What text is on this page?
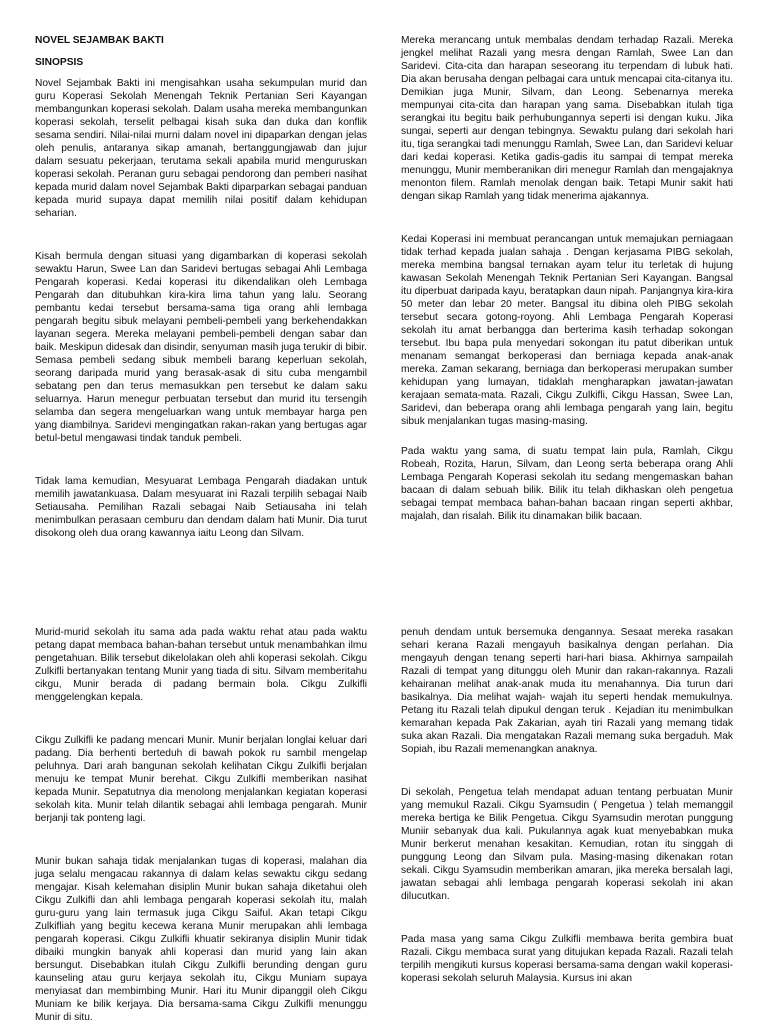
NOVEL SEJAMBAK BAKTI
SINOPSIS

Novel Sejambak Bakti ini mengisahkan usaha sekumpulan murid dan guru Koperasi Sekolah Menengah Teknik Pertanian Seri Kayangan membangunkan koperasi sekolah. Dalam usaha mereka membangunkan koperasi sekolah, terselit pelbagai kisah suka dan duka dan konflik sesama sendiri. Nilai-nilai murni dalam novel ini dipaparkan dengan jelas oleh penulis, antaranya sikap amanah, bertanggungjawab dan jujur dalam sesuatu pekerjaan, terutama sekali apabila murid menguruskan koperasi sekolah. Peranan guru sebagai pendorong dan pemberi nasihat kepada murid dalam novel Sejambak Bakti diparparkan sebagai panduan kepada murid supaya dapat memilih nilai positif dalam kehidupan seharian.

Kisah bermula dengan situasi yang digambarkan di koperasi sekolah sewaktu Harun, Swee Lan dan Saridevi bertugas sebagai Ahli Lembaga Pengarah koperasi. Kedai koperasi itu dikendalikan oleh Lembaga Pengarah dan ditubuhkan kira-kira lima tahun yang lalu. Seorang pembantu kedai tersebut bersama-sama tiga orang ahli lembaga pengarah begitu sibuk melayani pembeli-pembeli yang berkehendakkan layanan segera. Mereka melayani pembeli-pembeli dengan sabar dan baik. Meskipun didesak dan disindir, senyuman masih juga terukir di bibir. Semasa pembeli sedang sibuk membeli barang keperluan sekolah, seorang daripada murid yang berasak-asak di situ cuba mengambil sebatang pen dan terus memasukkan pen tersebut ke dalam saku seluarnya. Harun menegur perbuatan tersebut dan murid itu tersengih selamba dan segera mengeluarkan wang untuk membayar harga pen yang diambilnya. Saridevi mengingatkan rakan-rakan yang bertugas agar betul-betul mengawasi tindak tanduk pembeli.

Tidak lama kemudian, Mesyuarat Lembaga Pengarah diadakan untuk memilih jawatankuasa. Dalam mesyuarat ini Razali terpilih sebagai Naib Setiausaha. Pemilihan Razali sebagai Naib Setiausaha ini telah menimbulkan perasaan cemburu dan dendam dalam hati Munir. Dia turut disokong oleh dua orang kawannya iaitu Leong dan Silvam.

Mereka merancang untuk membalas dendam terhadap Razali. Mereka jengkel melihat Razali yang mesra dengan Ramlah, Swee Lan dan Saridevi. Cita-cita dan harapan seseorang itu terpendam di lubuk hati. Dia akan berusaha dengan pelbagai cara untuk mencapai cita-citanya itu. Demikian juga Munir, Silvam, dan Leong. Sebenarnya mereka mempunyai cita-cita dan harapan yang sama. Disebabkan itulah tiga serangkai itu begitu baik perhubungannya seperti isi dengan kuku. Jika sungai, seperti aur dengan tebingnya. Sewaktu pulang dari sekolah hari itu, tiga serangkai tadi menunggu Ramlah, Swee Lan, dan Saridevi keluar dari kedai koperasi. Ketika gadis-gadis itu sampai di tempat mereka menunggu, Munir memberanikan diri menegur Ramlah dan mengajaknya menonton filem. Ramlah menolak dengan baik. Tetapi Munir sakit hati dengan sikap Ramlah yang tidak menerima ajakannya.

Kedai Koperasi ini membuat perancangan untuk memajukan perniagaan tidak terhad kepada jualan sahaja . Dengan kerjasama PIBG sekolah, mereka membina bangsal ternakan ayam telur itu terletak di hujung kawasan Sekolah Menengah Teknik Pertanian Seri Kayangan. Bangsal itu diperbuat daripada kayu, beratapkan daun nipah. Panjangnya kira-kira 50 meter dan lebar 20 meter. Bangsal itu dibina oleh PIBG sekolah tersebut secara gotong-royong. Ahli Lembaga Pengarah Koperasi sekolah itu amat berbangga dan berterima kasih terhadap sokongan tersebut. Ibu bapa pula menyedari sokongan itu patut diberikan untuk menanam semangat berkoperasi dan berniaga kepada anak-anak mereka. Zaman sekarang, berniaga dan berkoperasi merupakan sumber kehidupan yang lumayan, tidaklah mengharapkan jawatan-jawatan kerajaan semata-mata. Razali, Cikgu Zulkifli, Cikgu Hassan, Swee Lan, Saridevi, dan beberapa orang ahli lembaga pengarah yang lain, begitu sibuk menjalankan tugas masing-masing.

Pada waktu yang sama, di suatu tempat lain pula, Ramlah, Cikgu Robeah, Rozita, Harun, Silvam, dan Leong serta beberapa orang Ahli Lembaga Pengarah Koperasi sekolah itu sedang mengemaskan bahan bacaan di dalam sebuah bilik. Bilik itu telah dikhaskan oleh pengetua sebagai tempat membaca bahan-bahan bacaan ringan seperti akhbar, majalah, dan risalah. Bilik itu dinamakan bilik bacaan.

Murid-murid sekolah itu sama ada pada waktu rehat atau pada waktu petang dapat membaca bahan-bahan tersebut untuk menambahkan ilmu pengetahuan. Bilik tersebut dikelolakan oleh ahli koperasi sekolah. Cikgu Zulkifli bertanyakan tentang Munir yang tiada di situ. Silvam memberitahu cikgu, Munir berada di padang bermain bola. Cikgu Zulkifli menggelengkan kepala.

Cikgu Zulkifli ke padang mencari Munir. Munir berjalan longlai keluar dari padang. Dia berhenti berteduh di bawah pokok ru sambil mengelap peluhnya. Dari arah bangunan sekolah kelihatan Cikgu Zulkifli berjalan menuju ke tempat Munir berehat. Cikgu Zulkifli memberikan nasihat kepada Munir. Sepatutnya dia menolong menjalankan kegiatan koperasi sekolah kita. Munir telah dilantik sebagai ahli lembaga pengarah. Munir berjanji tak ponteng lagi.

Munir bukan sahaja tidak menjalankan tugas di koperasi, malahan dia juga selalu mengacau rakannya di dalam kelas sewaktu cikgu sedang mengajar. Kisah kelemahan disiplin Munir bukan sahaja diketahui oleh Cikgu Zulkifli dan ahli lembaga pengarah koperasi sekolah itu, malah guru-guru yang lain termasuk juga Cikgu Saiful. Akan tetapi Cikgu Zulkifliah yang begitu kecewa kerana Munir merupakan ahli lembaga pengarah koperasi. Cikgu Zulkifli khuatir sekiranya disiplin Munir tidak dibaiki mungkin banyak ahli koperasi dan murid yang lain akan bersungut. Disebabkan itulah Cikgu Zulkifli berunding dengan guru kaunseling atau guru kerjaya sekolah itu, Cikgu Muniam supaya menyiasat dan membimbing Munir. Hari itu Munir dipanggil oleh Cikgu Muniam ke bilik kerjaya. Dia bersama-sama Cikgu Zulkifli menunggu Munir di situ.

penuh dendam untuk bersemuka dengannya. Sesaat mereka rasakan sehari kerana Razali mengayuh basikalnya dengan perlahan. Dia mengayuh dengan tenang seperti hari-hari biasa. Akhirnya sampailah Razali di tempat yang ditunggu oleh Munir dan rakan-rakannya. Razali kehairanan melihat anak-anak muda itu menahannya. Dia turun dari basikalnya. Dia melihat wajah- wajah itu seperti hendak memukulnya. Petang itu Razali telah dipukul dengan teruk . Kejadian itu menimbulkan kemarahan kepada Pak Zakarian, ayah tiri Razali yang memang tidak suka akan Razali. Dia mengatakan Razali memang suka bergaduh. Mak Sopiah, ibu Razali memenangkan anaknya.

Di sekolah, Pengetua telah mendapat aduan tentang perbuatan Munir yang memukul Razali. Cikgu Syamsudin ( Pengetua ) telah memanggil mereka bertiga ke Bilik Pengetua. Cikgu Syamsudin merotan punggung Muniir sebanyak dua kali. Pukulannya agak kuat menyebabkan muka Munir berkerut menahan kesakitan. Kemudian, rotan itu singgah di punggung Leong dan Silvam pula. Masing-masing dikenakan rotan sekali. Cikgu Syamsudin memberikan amaran, jika mereka bersalah lagi, jawatan sebagai ahli lembaga pengarah koperasi sekolah ini akan dilucutkan.

Pada masa yang sama Cikgu Zulkifli membawa berita gembira buat Razali. Cikgu membaca surat yang ditujukan kepada Razali. Razali telah terpilih mengikuti kursus koperasi bersama-sama dengan wakil koperasi-koperasi sekolah seluruh Malaysia. Kursus ini akan
